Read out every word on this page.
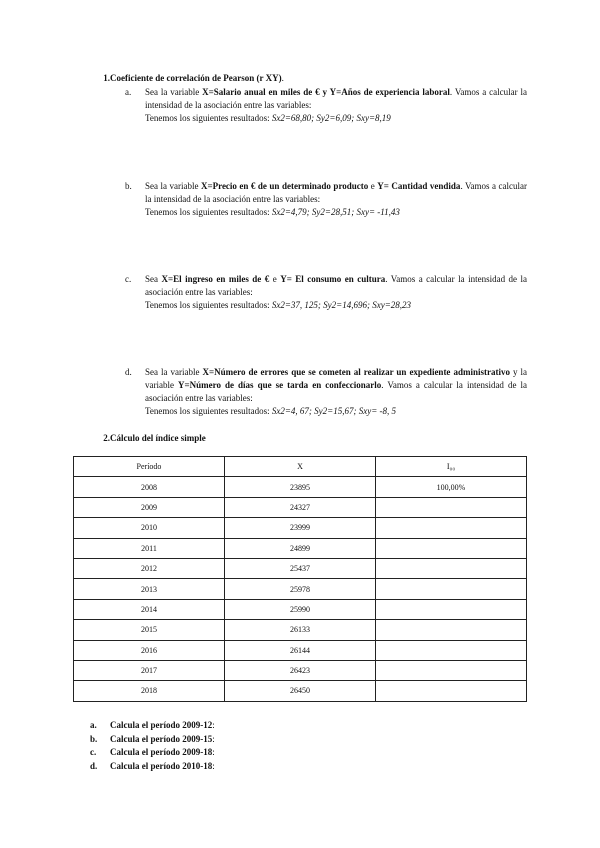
1. Coeficiente de correlación de Pearson (r XY).
a. Sea la variable X=Salario anual en miles de € y Y=Años de experiencia laboral. Vamos a calcular la intensidad de la asociación entre las variables:
Tenemos los siguientes resultados: Sx2=68,80; Sy2=6,09; Sxy=8,19
b. Sea la variable X=Precio en € de un determinado producto e Y= Cantidad vendida. Vamos a calcular la intensidad de la asociación entre las variables:
Tenemos los siguientes resultados: Sx2=4,79; Sy2=28,51; Sxy= -11,43
c. Sea X=El ingreso en miles de € e Y= El consumo en cultura. Vamos a calcular la intensidad de la asociación entre las variables:
Tenemos los siguientes resultados: Sx2=37, 125; Sy2=14,696; Sxy=28,23
d. Sea la variable X=Número de errores que se cometen al realizar un expediente administrativo y la variable Y=Número de días que se tarda en confeccionarlo. Vamos a calcular la intensidad de la asociación entre las variables:
Tenemos los siguientes resultados: Sx2=4, 67; Sy2=15,67; Sxy= -8, 5
2. Cálculo del índice simple
Período	X	I₀₀
2008	23895	100,00%
2009	24327	
2010	23999	
2011	24899	
2012	25437	
2013	25978	
2014	25990	
2015	26133	
2016	26144	
2017	26423	
2018	26450	
a. Calcula el período 2009-12:
b. Calcula el período 2009-15:
c. Calcula el período 2009-18:
d. Calcula el período 2010-18:
